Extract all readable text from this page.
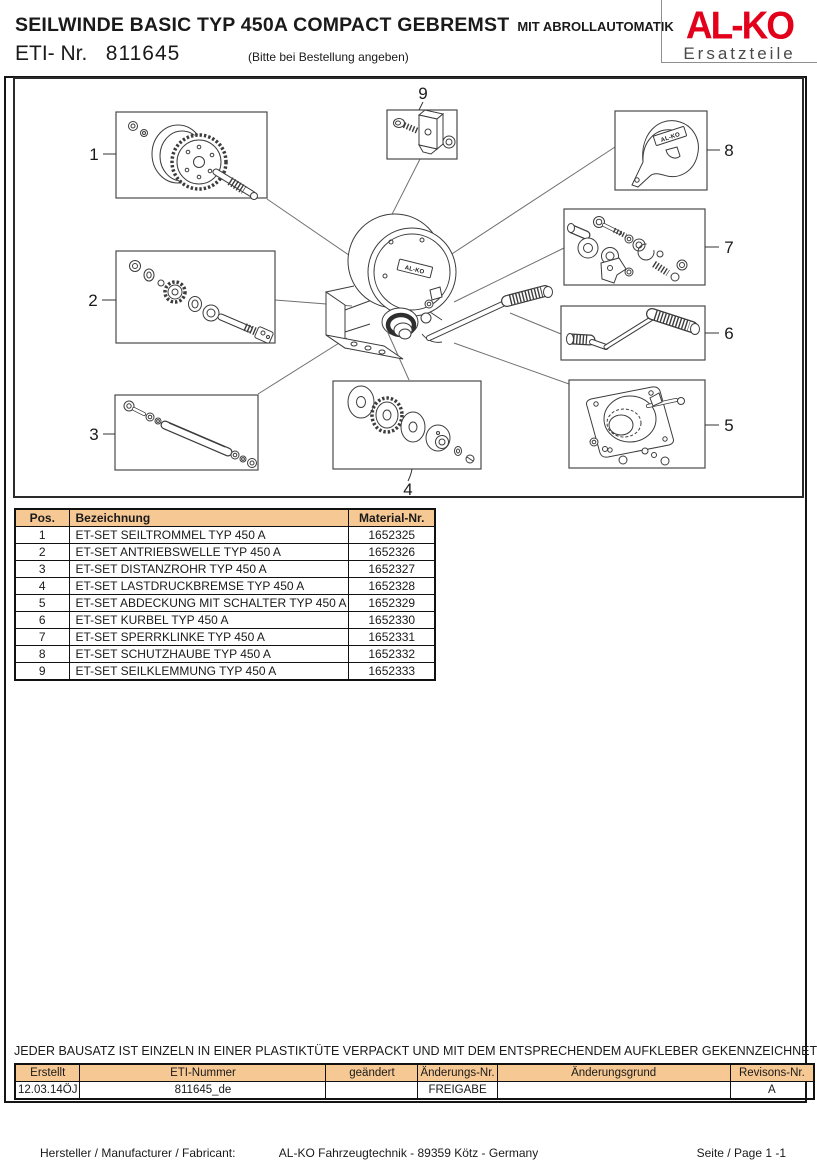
SEILWINDE BASIC TYP 450A COMPACT GEBREMST MIT ABROLLAUTOMATIK
ETI- Nr. 811645	(Bitte bei Bestellung angeben)
AL-KO
Ersatzteile
1
2
3
4
5
6
7
8
9
AL-KO
AL-KO
Pos.	Bezeichnung	Material-Nr.
1	ET-SET SEILTROMMEL TYP 450 A	1652325
2	ET-SET ANTRIEBSWELLE TYP 450 A	1652326
3	ET-SET DISTANZROHR TYP 450 A	1652327
4	ET-SET LASTDRUCKBREMSE TYP 450 A	1652328
5	ET-SET ABDECKUNG MIT SCHALTER TYP 450 A	1652329
6	ET-SET KURBEL TYP 450 A	1652330
7	ET-SET SPERRKLINKE TYP 450 A	1652331
8	ET-SET SCHUTZHAUBE TYP 450 A	1652332
9	ET-SET SEILKLEMMUNG TYP 450 A	1652333
JEDER BAUSATZ IST EINZELN IN EINER PLASTIKTÜTE VERPACKT UND MIT DEM ENTSPRECHENDEM AUFKLEBER GEKENNZEICHNET
Erstellt	ETI-Nummer	geändert	Änderungs-Nr.	Änderungsgrund	Revisons-Nr.
12.03.14ÖJ	811645_de		FREIGABE		A
Hersteller / Manufacturer / Fabricant:	AL-KO Fahrzeugtechnik - 89359 Kötz - Germany	Seite / Page 1 -1
